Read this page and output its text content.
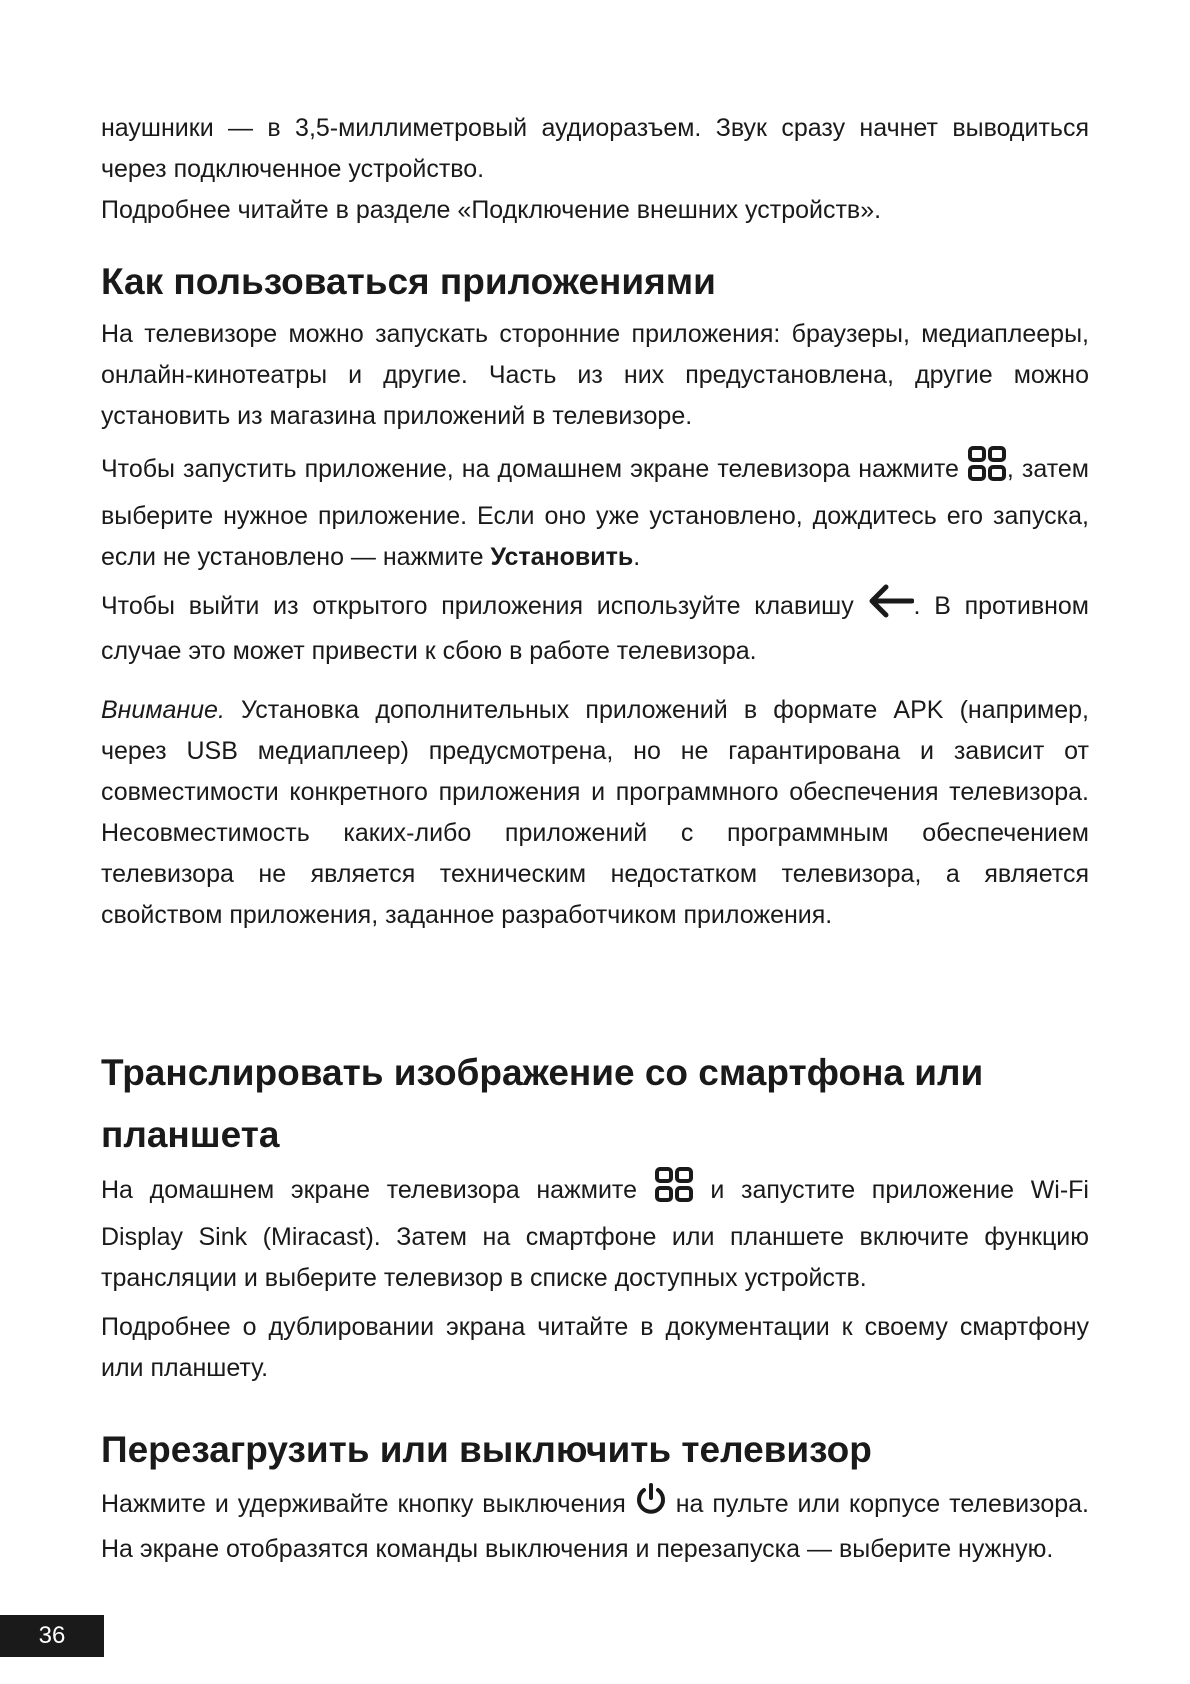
наушники — в 3,5-миллиметровый аудиоразъем. Звук сразу начнет выводиться через подключенное устройство.

Подробнее читайте в разделе «Подключение внешних устройств».

Как пользоваться приложениями

На телевизоре можно запускать сторонние приложения: браузеры, медиаплееры, онлайн-кинотеатры и другие. Часть из них предустановлена, другие можно установить из магазина приложений в телевизоре.

Чтобы запустить приложение, на домашнем экране телевизора нажмите , затем выберите нужное приложение. Если оно уже установлено, дождитесь его запуска, если не установлено — нажмите Установить.

Чтобы выйти из открытого приложения используйте клавишу . В противном случае это может привести к сбою в работе телевизора.

Внимание. Установка дополнительных приложений в формате APK (например, через USB медиаплеер) предусмотрена, но не гарантирована и зависит от совместимости конкретного приложения и программного обеспечения телевизора. Несовместимость каких-либо приложений с программным обеспечением телевизора не является техническим недостатком телевизора, а является свойством приложения, заданное разработчиком приложения.

Транслировать изображение со смартфона или планшета

На домашнем экране телевизора нажмите  и запустите приложение Wi-Fi Display Sink (Miracast). Затем на смартфоне или планшете включите функцию трансляции и выберите телевизор в списке доступных устройств.

Подробнее о дублировании экрана читайте в документации к своему смартфону или планшету.

Перезагрузить или выключить телевизор

Нажмите и удерживайте кнопку выключения  на пульте или корпусе телевизора. На экране отобразятся команды выключения и перезапуска — выберите нужную.

36
